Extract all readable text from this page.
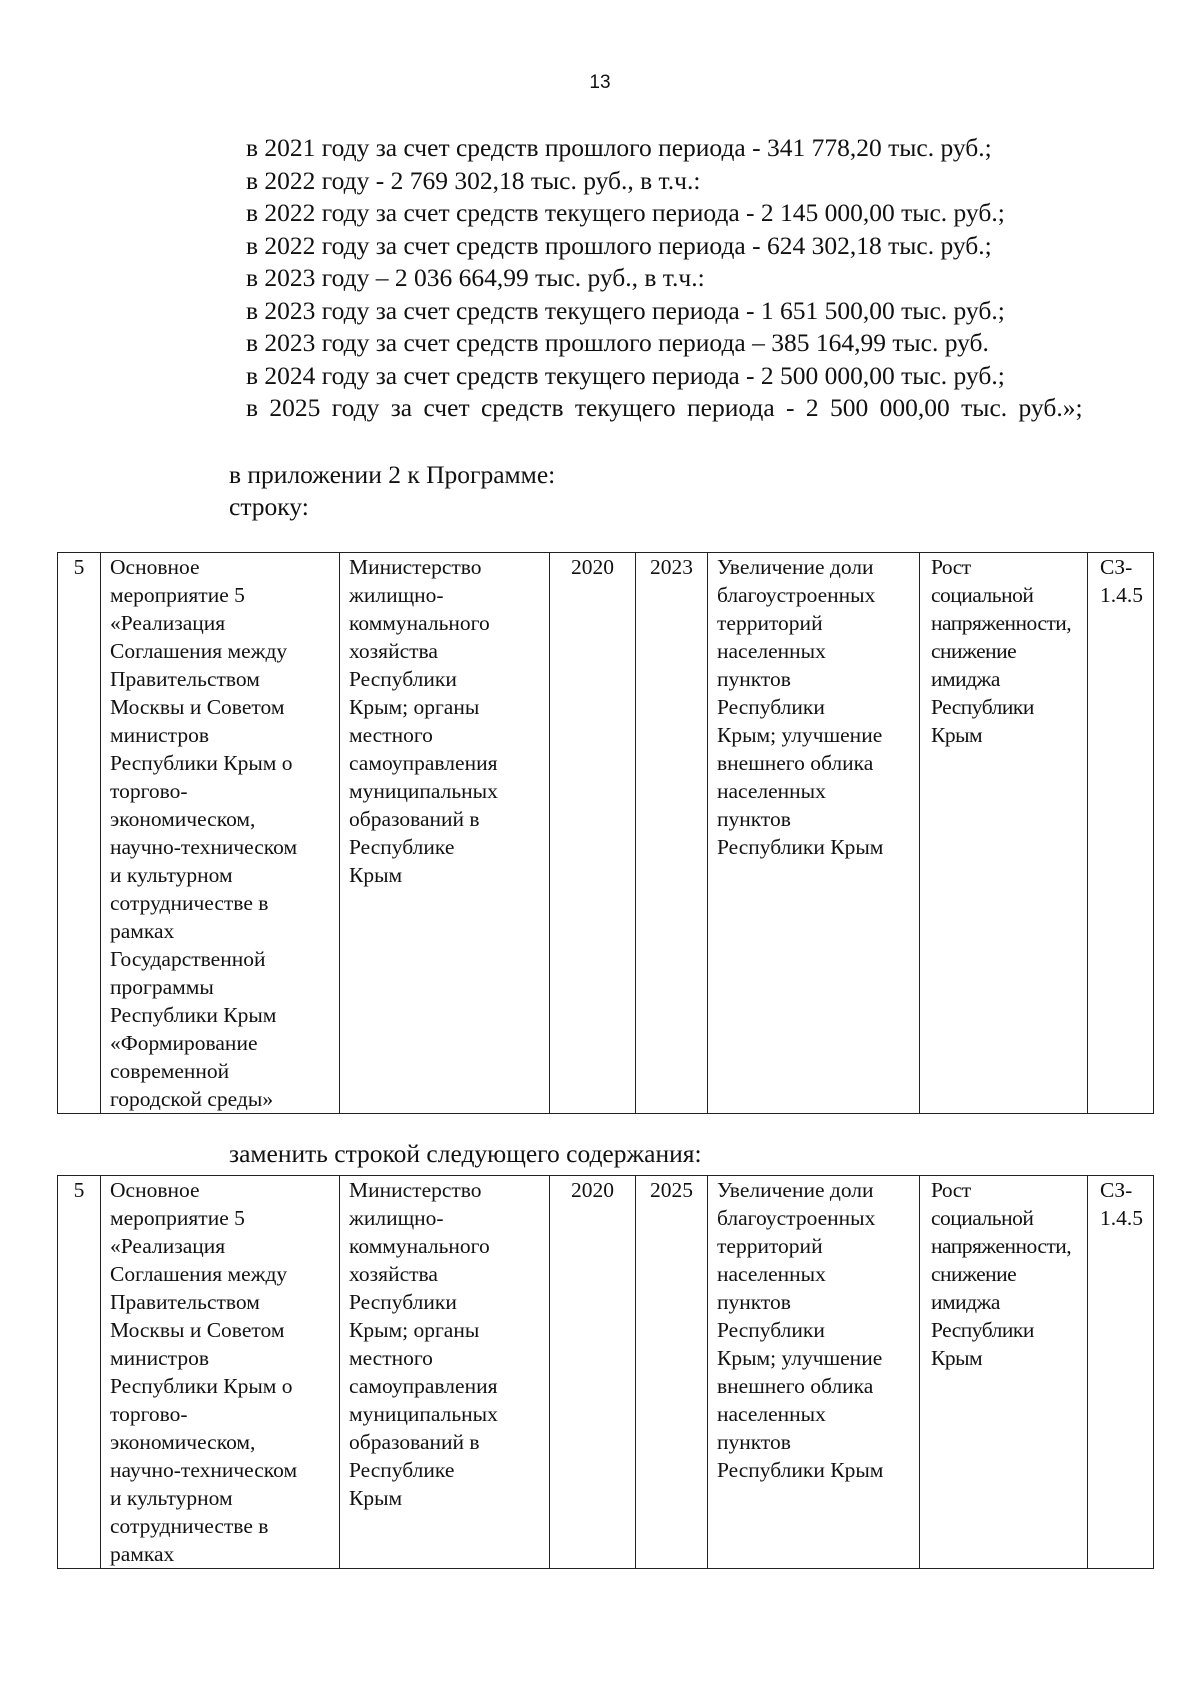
13
в 2021 году за счет средств прошлого периода - 341 778,20 тыс. руб.;
в 2022 году - 2 769 302,18 тыс. руб., в т.ч.:
в 2022 году за счет средств текущего периода - 2 145 000,00 тыс. руб.;
в 2022 году за счет средств прошлого периода - 624 302,18 тыс. руб.;
в 2023 году – 2 036 664,99 тыс. руб., в т.ч.:
в 2023 году за счет средств текущего периода - 1 651 500,00 тыс. руб.;
в 2023 году за счет средств прошлого периода – 385 164,99 тыс. руб.
в 2024 году за счет средств текущего периода - 2 500 000,00 тыс. руб.;
в 2025 году за счет средств текущего периода - 2 500 000,00 тыс. руб.»;
в приложении 2 к Программе:
строку:
5	Основное
мероприятие 5
«Реализация
Соглашения между
Правительством
Москвы и Советом
министров
Республики Крым о
торгово-
экономическом,
научно-техническом
и культурном
сотрудничестве в
рамках
Государственной
программы
Республики Крым
«Формирование
современной
городской среды»	Министерство
жилищно-
коммунального
хозяйства
Республики
Крым; органы
местного
самоуправления
муниципальных
образований в
Республике
Крым	2020	2023	Увеличение доли
благоустроенных
территорий
населенных
пунктов
Республики
Крым; улучшение
внешнего облика
населенных
пунктов
Республики Крым	Рост
социальной
напряженности,
снижение
имиджа
Республики
Крым	СЗ-
1.4.5
заменить строкой следующего содержания:
5	Основное
мероприятие 5
«Реализация
Соглашения между
Правительством
Москвы и Советом
министров
Республики Крым о
торгово-
экономическом,
научно-техническом
и культурном
сотрудничестве в
рамках	Министерство
жилищно-
коммунального
хозяйства
Республики
Крым; органы
местного
самоуправления
муниципальных
образований в
Республике
Крым	2020	2025	Увеличение доли
благоустроенных
территорий
населенных
пунктов
Республики
Крым; улучшение
внешнего облика
населенных
пунктов
Республики Крым	Рост
социальной
напряженности,
снижение
имиджа
Республики
Крым	СЗ-
1.4.5
